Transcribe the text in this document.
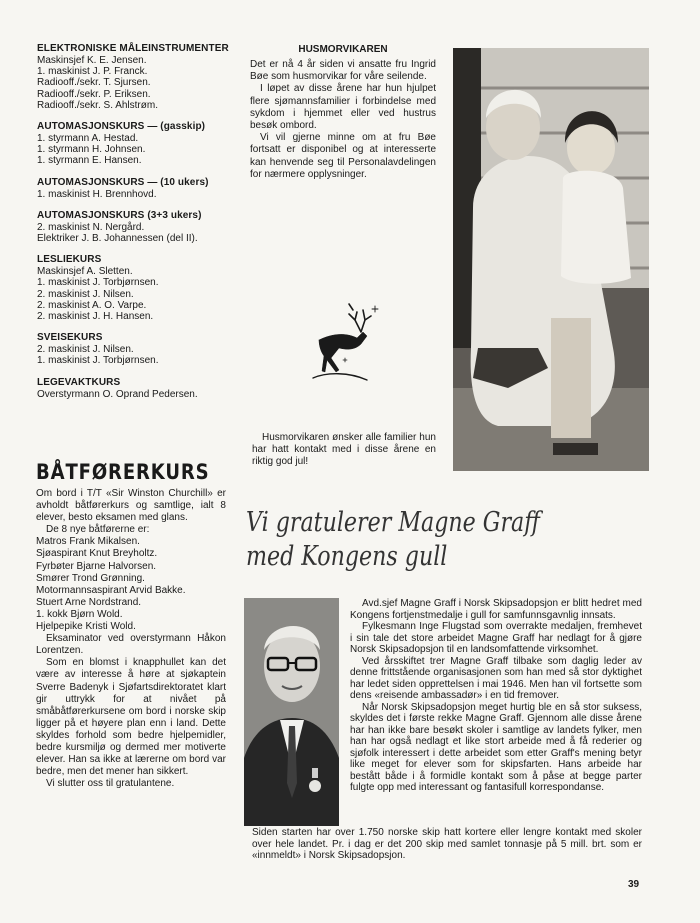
ELEKTRONISKE MÅLEINSTRUMENTER
Maskinsjef K. E. Jensen.
1. maskinist J. P. Franck.
Radiooff./sekr. T. Sjursen.
Radiooff./sekr. P. Eriksen.
Radiooff./sekr. S. Ahlstrøm.
AUTOMASJONSKURS — (gasskip)
1. styrmann A. Hestad.
1. styrmann H. Johnsen.
1. styrmann E. Hansen.
AUTOMASJONSKURS — (10 ukers)
1. maskinist H. Brennhovd.
AUTOMASJONSKURS (3+3 ukers)
2. maskinist N. Nergård.
Elektriker J. B. Johannessen (del II).
LESLIEKURS
Maskinsjef A. Sletten.
1. maskinist J. Torbjørnsen.
2. maskinist J. Nilsen.
2. maskinist A. O. Varpe.
2. maskinist J. H. Hansen.
SVEISEKURS
2. maskinist J. Nilsen.
1. maskinist J. Torbjørnsen.
LEGEVAKTKURS
Overstyrmann O. Oprand Pedersen.
BÅTFØRERKURS

Om bord i T/T «Sir Winston Churchill» er avholdt båtførerkurs og samtlige, ialt 8 elever, besto eksamen med glans.

De 8 nye båtførerne er:

Matros Frank Mikalsen.

Sjøaspirant Knut Breyholtz.

Fyrbøter Bjarne Halvorsen.

Smører Trond Grønning.

Motormannsaspirant Arvid Bakke.

Stuert Arne Nordstrand.

1. kokk Bjørn Wold.

Hjelpepike Kristi Wold.

Eksaminator ved overstyrmann Håkon Lorentzen.

Som en blomst i knapphullet kan det være av interesse å høre at sjøkaptein Sverre Badenyk i Sjøfartsdirektoratet klart gir uttrykk for at nivået på småbåtførerkursene om bord i norske skip ligger på et høyere plan enn i land. Dette skyldes forhold som bedre hjelpemidler, bedre kursmiljø og dermed mer motiverte elever. Han sa ikke at lærerne om bord var bedre, men det mener han sikkert.

Vi slutter oss til gratulantene.

HUSMORVIKAREN

Det er nå 4 år siden vi ansatte fru Ingrid Bøe som husmorvikar for våre seilende.

I løpet av disse årene har hun hjulpet flere sjømannsfamilier i forbindelse med sykdom i hjemmet eller ved hustrus besøk ombord.

Vi vil gjerne minne om at fru Bøe fortsatt er disponibel og at interesserte kan henvende seg til Personalavdelingen for nærmere opplysninger.

Husmorvikaren ønsker alle familier hun har hatt kontakt med i disse årene en riktig god jul!
Vi gratulerer Magne Graff
med Kongens gull

Avd.sjef Magne Graff i Norsk Skipsadopsjon er blitt hedret med Kongens fortjenstmedalje i gull for samfunnsgavnlig innsats.

Fylkesmann Inge Flugstad som overrakte medaljen, fremhevet i sin tale det store arbeidet Magne Graff har nedlagt for å gjøre Norsk Skipsadopsjon til en landsomfattende virksomhet.

Ved årsskiftet trer Magne Graff tilbake som daglig leder av denne frittstående organisasjonen som han med så stor dyktighet har ledet siden opprettelsen i mai 1946. Men han vil fortsette som dens «reisende ambassadør» i en tid fremover.

Når Norsk Skipsadopsjon meget hurtig ble en så stor suksess, skyldes det i første rekke Magne Graff. Gjennom alle disse årene har han ikke bare besøkt skoler i samtlige av landets fylker, men han har også nedlagt et like stort arbeide med å få rederier og sjøfolk interessert i dette arbeidet som etter Graff's mening betyr like meget for elever som for skipsfarten. Hans arbeide har bestått både i å formidle kontakt som å påse at begge parter fulgte opp med interessant og fantasifull korrespondanse.

Siden starten har over 1.750 norske skip hatt kortere eller lengre kontakt med skoler over hele landet. Pr. i dag er det 200 skip med samlet tonnasje på 5 mill. brt. som er «innmeldt» i Norsk Skipsadopsjon.
39
